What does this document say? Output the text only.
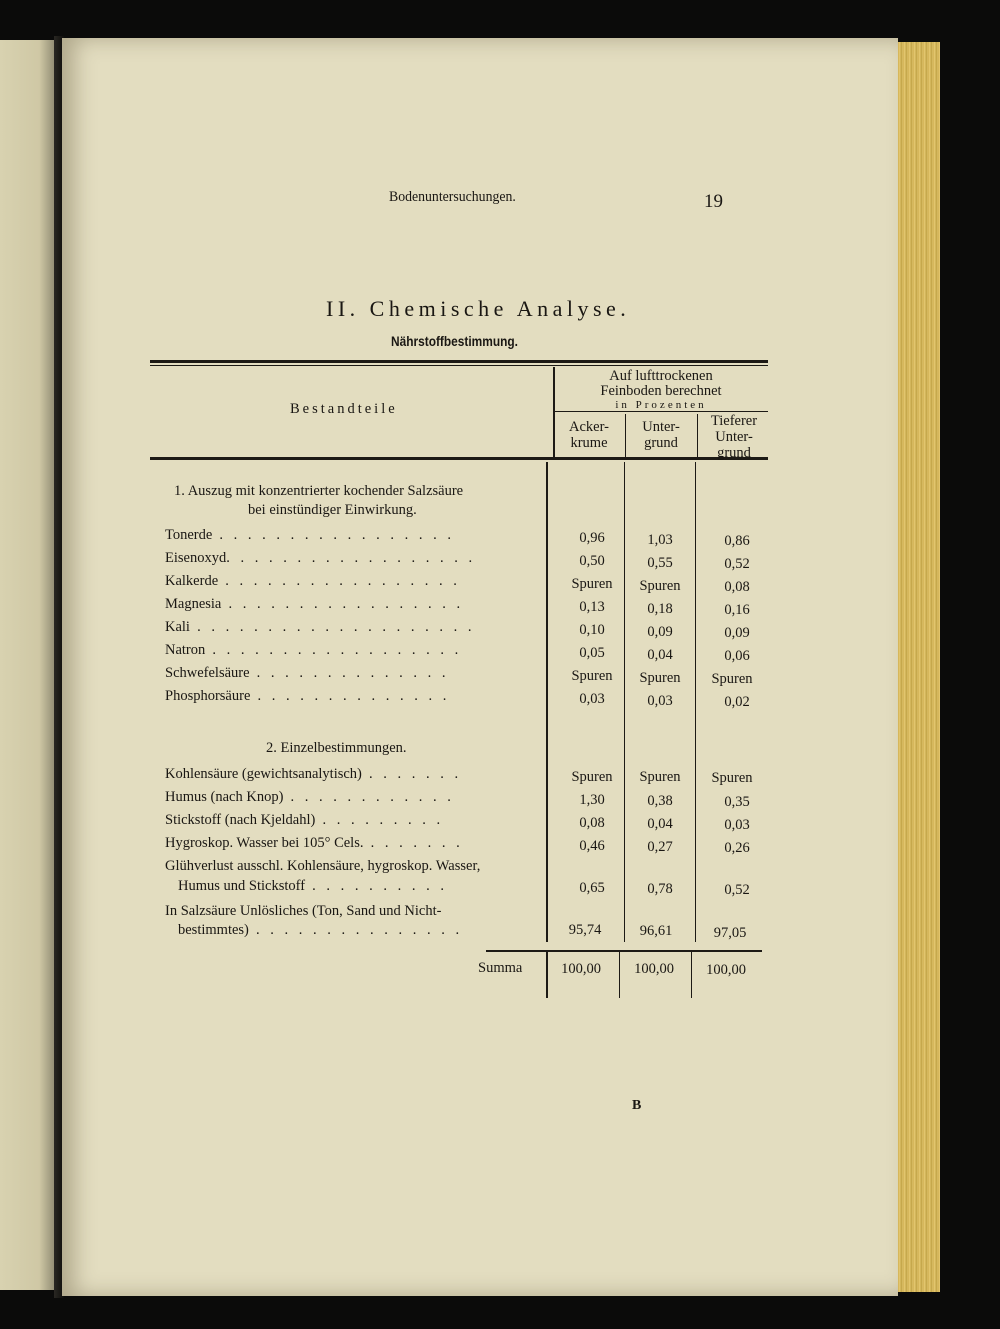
Bodenuntersuchungen.	19
II. Chemische Analyse.
Nährstoffbestimmung.
Bestandteile
Auf lufttrockenen
Feinboden berechnet
in Prozenten
Acker-
krume
Unter-
grund
Tieferer
Unter-
grund
1. Auszug mit konzentrierter kochender Salzsäure
bei einstündiger Einwirkung.
Tonerde . . . . . . . . . . . . . . . . .	0,96	1,03	0,86
Eisenoxyd. . . . . . . . . . . . . . . . . .	0,50	0,55	0,52
Kalkerde . . . . . . . . . . . . . . . . .	Spuren	Spuren	0,08
Magnesia . . . . . . . . . . . . . . . . .	0,13	0,18	0,16
Kali . . . . . . . . . . . . . . . . . . . .	0,10	0,09	0,09
Natron . . . . . . . . . . . . . . . . . .	0,05	0,04	0,06
Schwefelsäure . . . . . . . . . . . . . .	Spuren	Spuren	Spuren
Phosphorsäure . . . . . . . . . . . . . .	0,03	0,03	0,02
2. Einzelbestimmungen.
Kohlensäure (gewichtsanalytisch) . . . . . . .	Spuren	Spuren	Spuren
Humus (nach Knop) . . . . . . . . . . . .	1,30	0,38	0,35
Stickstoff (nach Kjeldahl) . . . . . . . . .	0,08	0,04	0,03
Hygroskop. Wasser bei 105° Cels. . . . . . . .	0,46	0,27	0,26
Glühverlust ausschl. Kohlensäure, hygroskop. Wasser,
Humus und Stickstoff . . . . . . . . . .	0,65	0,78	0,52
In Salzsäure Unlösliches (Ton, Sand und Nicht-
bestimmtes) . . . . . . . . . . . . . . .	95,74	96,61	97,05
Summa	100,00	100,00	100,00
B
